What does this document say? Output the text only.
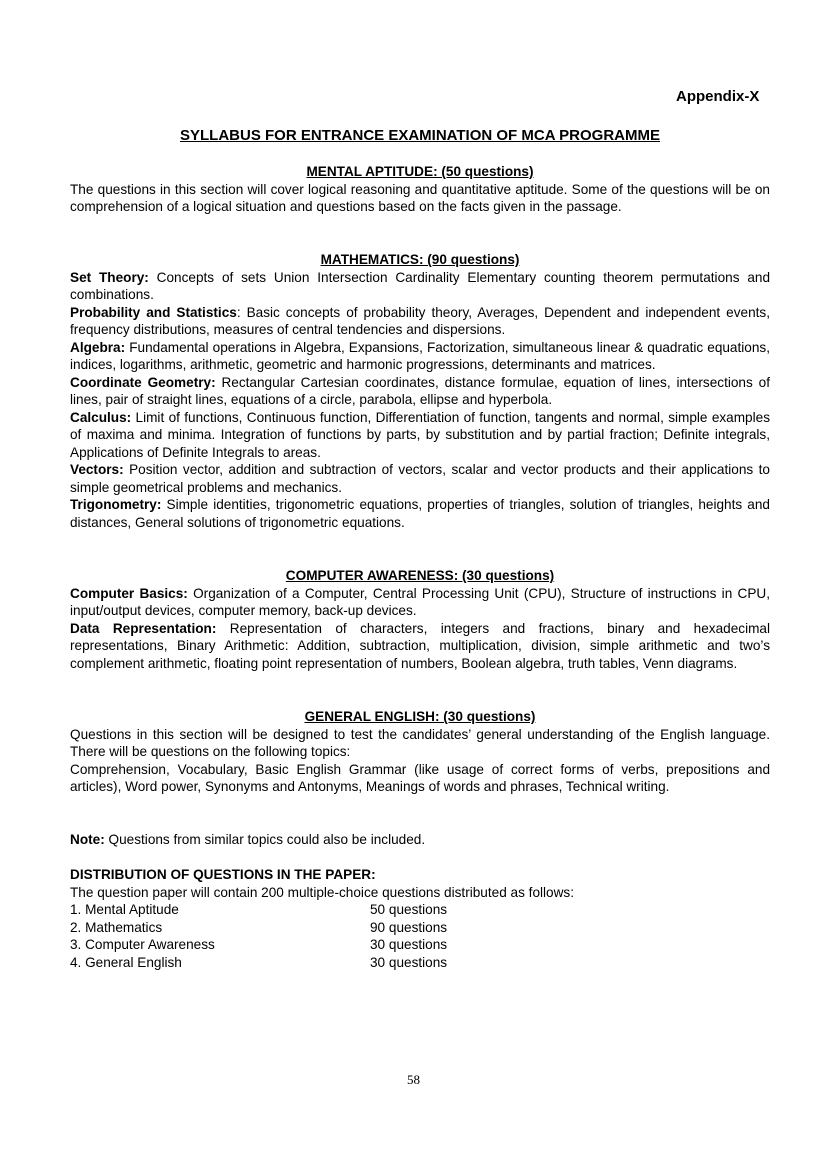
Appendix-X
SYLLABUS FOR ENTRANCE EXAMINATION OF MCA PROGRAMME

MENTAL APTITUDE: (50 questions)

The questions in this section will cover logical reasoning and quantitative aptitude. Some of the questions will be on comprehension of a logical situation and questions based on the facts given in the passage.

MATHEMATICS: (90 questions)

Set Theory: Concepts of sets Union Intersection Cardinality Elementary counting theorem permutations and combinations.

Probability and Statistics: Basic concepts of probability theory, Averages, Dependent and independent events, frequency distributions, measures of central tendencies and dispersions.

Algebra: Fundamental operations in Algebra, Expansions, Factorization, simultaneous linear & quadratic equations, indices, logarithms, arithmetic, geometric and harmonic progressions, determinants and matrices.

Coordinate Geometry: Rectangular Cartesian coordinates, distance formulae, equation of lines, intersections of lines, pair of straight lines, equations of a circle, parabola, ellipse and hyperbola.

Calculus: Limit of functions, Continuous function, Differentiation of function, tangents and normal, simple examples of maxima and minima. Integration of functions by parts, by substitution and by partial fraction; Definite integrals, Applications of Definite Integrals to areas.

Vectors: Position vector, addition and subtraction of vectors, scalar and vector products and their applications to simple geometrical problems and mechanics.

Trigonometry: Simple identities, trigonometric equations, properties of triangles, solution of triangles, heights and distances, General solutions of trigonometric equations.

COMPUTER AWARENESS: (30 questions)

Computer Basics: Organization of a Computer, Central Processing Unit (CPU), Structure of instructions in CPU, input/output devices, computer memory, back-up devices.

Data Representation: Representation of characters, integers and fractions, binary and hexadecimal representations, Binary Arithmetic: Addition, subtraction, multiplication, division, simple arithmetic and two’s complement arithmetic, floating point representation of numbers, Boolean algebra, truth tables, Venn diagrams.

GENERAL ENGLISH: (30 questions)

Questions in this section will be designed to test the candidates’ general understanding of the English language. There will be questions on the following topics:

Comprehension, Vocabulary, Basic English Grammar (like usage of correct forms of verbs, prepositions and articles), Word power, Synonyms and Antonyms, Meanings of words and phrases, Technical writing.

Note: Questions from similar topics could also be included.

DISTRIBUTION OF QUESTIONS IN THE PAPER:

The question paper will contain 200 multiple-choice questions distributed as follows:

1. Mental Aptitude	50 questions
2. Mathematics	90 questions
3. Computer Awareness	30 questions
4. General English	30 questions
58
